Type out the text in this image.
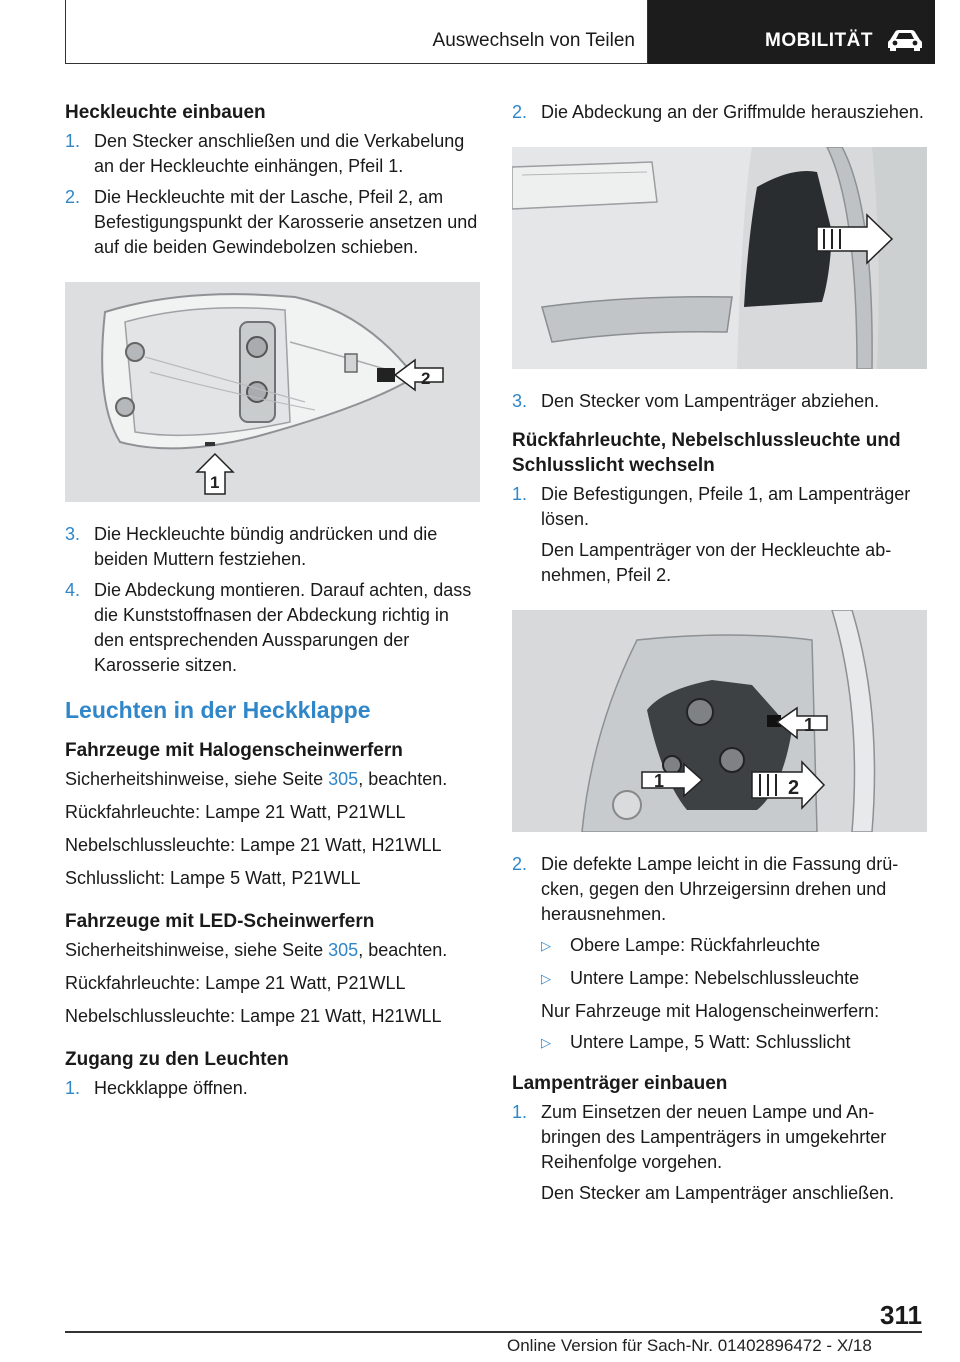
Auswechseln von Teilen	MOBILITÄT
Heckleuchte einbauen
1. Den Stecker anschließen und die Verkabelung an der Heckleuchte einhängen, Pfeil 1.
2. Die Heckleuchte mit der Lasche, Pfeil 2, am Befestigungspunkt der Karosserie ansetzen und auf die beiden Gewindebolzen schieben.
2
1
3. Die Heckleuchte bündig andrücken und die beiden Muttern festziehen.
4. Die Abdeckung montieren. Darauf achten, dass die Kunststoffnasen der Abdeckung richtig in den entsprechenden Aussparungen der Karosserie sitzen.
Leuchten in der Heckklappe
Fahrzeuge mit Halogenscheinwerfern

Sicherheitshinweise, siehe Seite 305, beachten.

Rückfahrleuchte: Lampe 21 Watt, P21WLL

Nebelschlussleuchte: Lampe 21 Watt, H21WLL

Schlusslicht: Lampe 5 Watt, P21WLL

Fahrzeuge mit LED-Scheinwerfern

Sicherheitshinweise, siehe Seite 305, beachten.

Rückfahrleuchte: Lampe 21 Watt, P21WLL

Nebelschlussleuchte: Lampe 21 Watt, H21WLL

Zugang zu den Leuchten
1. Heckklappe öffnen.
2. Die Abdeckung an der Griffmulde herausziehen.
3. Den Stecker vom Lampenträger abziehen.
Rückfahrleuchte, Nebelschlussleuchte und Schlusslicht wechseln
1. Die Befestigungen, Pfeile 1, am Lampenträger lösen.
Den Lampenträger von der Heckleuchte abnehmen, Pfeil 2.
1
1	2
2. Die defekte Lampe leicht in die Fassung drücken, gegen den Uhrzeigersinn drehen und herausnehmen.
▷ Obere Lampe: Rückfahrleuchte
▷ Untere Lampe: Nebelschlussleuchte
Nur Fahrzeuge mit Halogenscheinwerfern:
▷ Untere Lampe, 5 Watt: Schlusslicht
Lampenträger einbauen
1. Zum Einsetzen der neuen Lampe und Anbringen des Lampenträgers in umgekehrter Reihenfolge vorgehen.
Den Stecker am Lampenträger anschließen.
311
Online Version für Sach-Nr. 01402896472 - X/18
